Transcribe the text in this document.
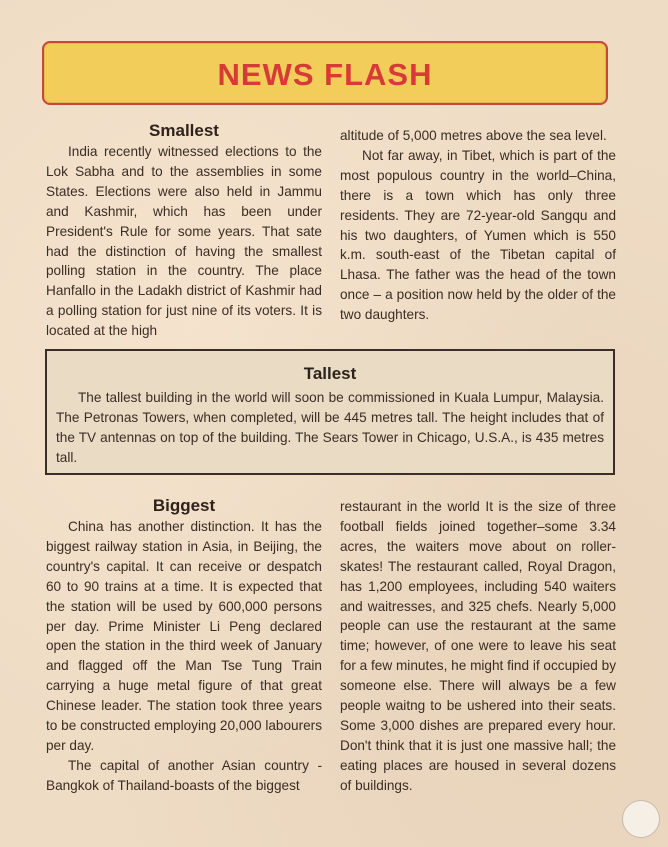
NEWS FLASH
Smallest

India recently witnessed elections to the Lok Sabha and to the assemblies in some States. Elections were also held in Jammu and Kashmir, which has been under President's Rule for some years. That sate had the distinction of having the smallest polling station in the country. The place Hanfallo in the Ladakh district of Kashmir had a polling station for just nine of its voters. It is located at the high

altitude of 5,000 metres above the sea level.

Not far away, in Tibet, which is part of the most populous country in the world–China, there is a town which has only three residents. They are 72-year-old Sangqu and his two daughters, of Yumen which is 550 k.m. south-east of the Tibetan capital of Lhasa. The father was the head of the town once – a position now held by the older of the two daughters.

Tallest

The tallest building in the world will soon be commissioned in Kuala Lumpur, Malaysia. The Petronas Towers, when completed, will be 445 metres tall. The height includes that of the TV antennas on top of the building. The Sears Tower in Chicago, U.S.A., is 435 metres tall.

Biggest

China has another distinction. It has the biggest railway station in Asia, in Beijing, the country's capital. It can receive or despatch 60 to 90 trains at a time. It is expected that the station will be used by 600,000 persons per day. Prime Minister Li Peng declared open the station in the third week of January and flagged off the Man Tse Tung Train carrying a huge metal figure of that great Chinese leader. The station took three years to be constructed employing 20,000 labourers per day.

The capital of another Asian country - Bangkok of Thailand-boasts of the biggest

restaurant in the world It is the size of three football fields joined together–some 3.34 acres, the waiters move about on roller-skates! The restaurant called, Royal Dragon, has 1,200 employees, including 540 waiters and waitresses, and 325 chefs. Nearly 5,000 people can use the restaurant at the same time; however, of one were to leave his seat for a few minutes, he might find if occupied by someone else. There will always be a few people waitng to be ushered into their seats. Some 3,000 dishes are prepared every hour. Don't think that it is just one massive hall; the eating places are housed in several dozens of buildings.
